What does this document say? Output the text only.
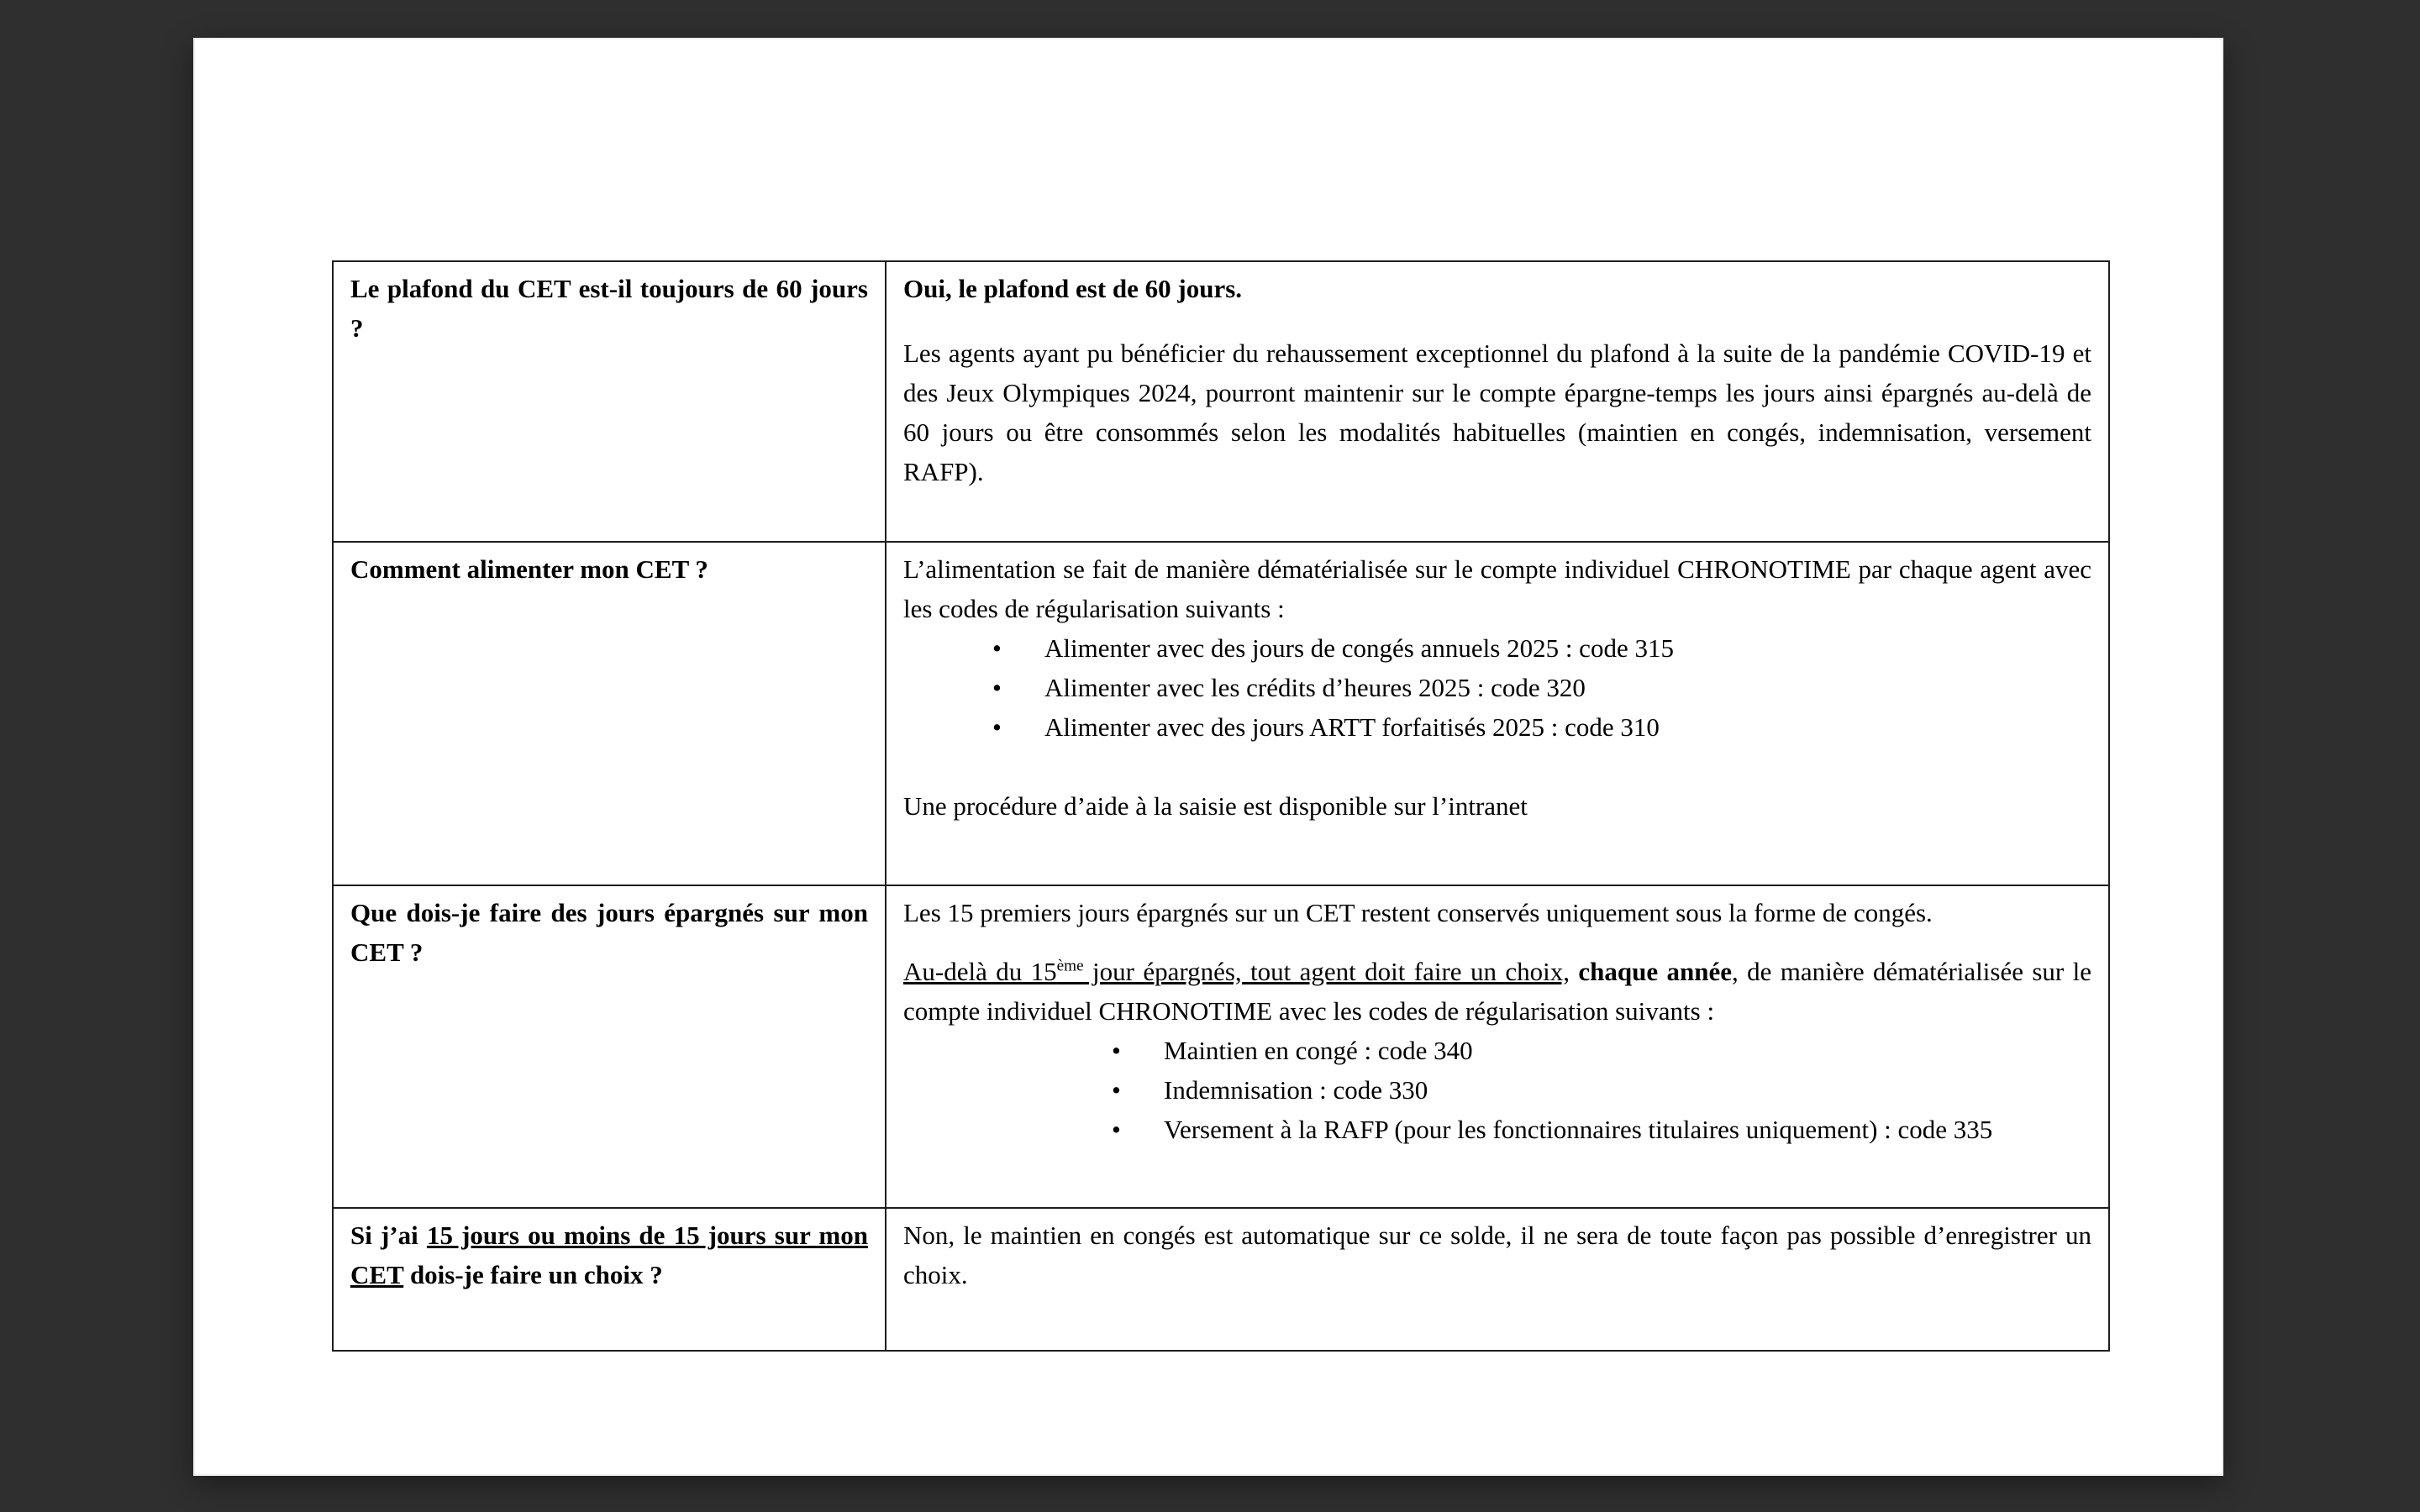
Le plafond du CET est-il toujours de 60 jours ?	Oui, le plafond est de 60 jours.

Les agents ayant pu bénéficier du rehaussement exceptionnel du plafond à la suite de la pandémie COVID-19 et des Jeux Olympiques 2024, pourront maintenir sur le compte épargne-temps les jours ainsi épargnés au-delà de 60 jours ou être consommés selon les modalités habituelles (maintien en congés, indemnisation, versement RAFP).

Comment alimenter mon CET ?	L’alimentation se fait de manière dématérialisée sur le compte individuel CHRONOTIME par chaque agent avec les codes de régularisation suivants :

• Alimenter avec des jours de congés annuels 2025 : code 315
• Alimenter avec les crédits d’heures 2025 : code 320
• Alimenter avec des jours ARTT forfaitisés 2025 : code 310

Une procédure d’aide à la saisie est disponible sur l’intranet

Que dois-je faire des jours épargnés sur mon CET ?	Les 15 premiers jours épargnés sur un CET restent conservés uniquement sous la forme de congés.

Au-delà du 15ème jour épargnés, tout agent doit faire un choix, chaque année, de manière dématérialisée sur le compte individuel CHRONOTIME avec les codes de régularisation suivants :

• Maintien en congé : code 340
• Indemnisation : code 330
• Versement à la RAFP (pour les fonctionnaires titulaires uniquement) : code 335

Si j’ai 15 jours ou moins de 15 jours sur mon CET dois-je faire un choix ?	Non, le maintien en congés est automatique sur ce solde, il ne sera de toute façon pas possible d’enregistrer un choix.
